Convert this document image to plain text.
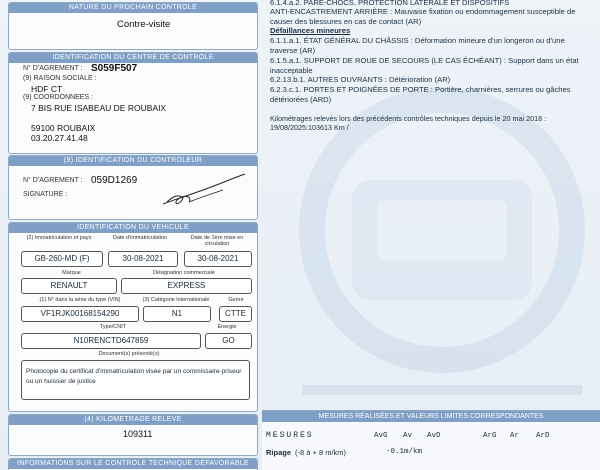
NATURE DU PROCHAIN CONTROLE
Contre-visite
IDENTIFICATION DU CENTRE DE CONTROLE
N° D'AGREMENT : S059F507
(9) RAISON SOCIALE :
HDF CT
(9) COORDONNEES :
7 BIS RUE ISABEAU DE ROUBAIX
59100 ROUBAIX
03.20.27.41.48
(9) IDENTIFICATION DU CONTRÔLEUR
N° D'AGREMENT : 059D1269
SIGNATURE :
IDENTIFICATION DU VEHICULE
(2) Immatriculation et pays	Date d'immatriculation	Date de 1ère mise en circulation
GB-260-MD (F)	30-08-2021	30-08-2021
Marque	Désignation commerciale
RENAULT	EXPRESS
(1) N° dans la série du type (VIN)	(3) Catégorie internationale	Genre
VF1RJK00168154290	N1	CTTE
Type/CNIT	Énergie
N10RENCTD647859	GO
Document(s) présenté(s)
Photocopie du certificat d'immatriculation visée par un commissaire-priseur ou un huissier de justice
(4) KILOMETRAGE RELEVÉ
109311
INFORMATIONS SUR LE CONTROLE TECHNIQUE DÉFAVORABLE
6.1.4.a.2. PARE-CHOCS, PROTECTION LATERALE ET DISPOSITIFS
ANTI-ENCASTREMENT ARRIÈRE : Mauvaise fixation ou endommagement susceptible de
causer des blessures en cas de contact (AR)
Défaillances mineures
6.1.1.a.1. ÉTAT GÉNÉRAL DU CHÂSSIS : Déformation mineure d'un longeron ou d'une
traverse (AR)
6.1.5.a.1. SUPPORT DE ROUE DE SECOURS (LE CAS ÉCHÉANT) : Support dans un état
inacceptable
6.2.13.b.1. AUTRES OUVRANTS : Détérioration (AR)
6.2.3.c.1. PORTES ET POIGNÉES DE PORTE : Portière, charnières, serrures ou gâches
détériorées (ARD)
Kilométrages relevés lors des précédents contrôles techniques depuis le 20 mai 2018 :
19/08/2025:103613 Km /
MESURES RÉALISÉES ET VALEURS LIMITES CORRESPONDANTES
MESURES	AvG Av AvD	ArG Ar ArD
Ripage (-8 à + 8 m/km)	-0.1m/km
